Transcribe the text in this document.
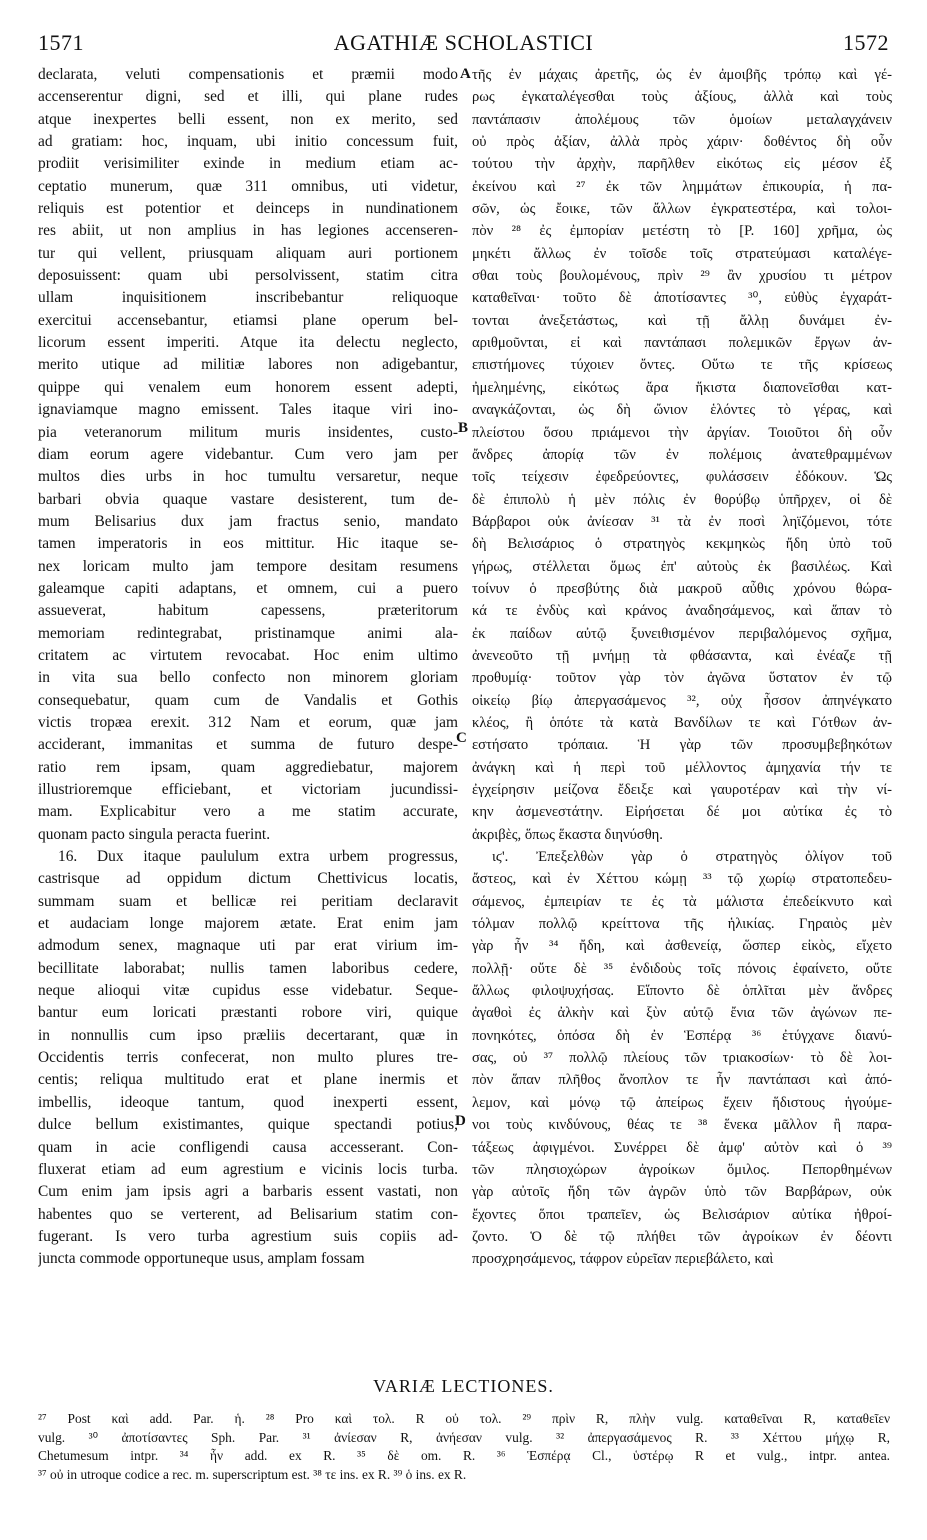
1571	AGATHIÆ SCHOLASTICI	1572
declarata, veluti compensationis et præmii modo
accenserentur digni, sed et illi, qui plane rudes
atque inexpertes belli essent, non ex merito, sed
ad gratiam: hoc, inquam, ubi initio concessum fuit,
prodiit verisimiliter exinde in medium etiam ac-
ceptatio munerum, quæ 311 omnibus, uti videtur,
reliquis est potentior et deinceps in nundinationem
res abiit, ut non amplius in has legiones accenseren-
tur qui vellent, priusquam aliquam auri portionem
deposuissent: quam ubi persolvissent, statim citra
ullam inquisitionem inscribebantur reliquoque
exercitui accensebantur, etiamsi plane operum bel-
licorum essent imperiti. Atque ita delectu neglecto,
merito utique ad militiæ labores non adigebantur,
quippe qui venalem eum honorem essent adepti,
ignaviamque magno emissent. Tales itaque viri ino-
pia veteranorum militum muris insidentes, custo-
diam eorum agere videbantur. Cum vero jam per
multos dies urbs in hoc tumultu versaretur, neque
barbari obvia quaque vastare desisterent, tum de-
mum Belisarius dux jam fractus senio, mandato
tamen imperatoris in eos mittitur. Hic itaque se-
nex loricam multo jam tempore desitam resumens
galeamque capiti adaptans, et omnem, cui a puero
assueverat, habitum capessens, præteritorum
memoriam redintegrabat, pristinamque animi ala-
critatem ac virtutem revocabat. Hoc enim ultimo
in vita sua bello confecto non minorem gloriam
consequebatur, quam cum de Vandalis et Gothis
victis tropæa erexit. 312 Nam et eorum, quæ jam
acciderant, immanitas et summa de futuro despe-
ratio rem ipsam, quam aggrediebatur, majorem
illustrioremque efficiebant, et victoriam jucundissi-
mam. Explicabitur vero a me statim accurate,
quonam pacto singula peracta fuerint.
16. Dux itaque paululum extra urbem progressus,
castrisque ad oppidum dictum Chettivicus locatis,
summam suam et bellicæ rei peritiam declaravit
et audaciam longe majorem ætate. Erat enim jam
admodum senex, magnaque uti par erat virium im-
becillitate laborabat; nullis tamen laboribus cedere,
neque alioqui vitæ cupidus esse videbatur. Seque-
bantur eum loricati præstanti robore viri, quique
in nonnullis cum ipso præliis decertarant, quæ in
Occidentis terris confecerat, non multo plures tre-
centis; reliqua multitudo erat et plane inermis et
imbellis, ideoque tantum, quod inexperti essent,
dulce bellum existimantes, quique spectandi potius,
quam in acie confligendi causa accesserant. Con-
fluxerat etiam ad eum agrestium e vicinis locis turba.
Cum enim jam ipsis agri a barbaris essent vastati, non
habentes quo se verterent, ad Belisarium statim con-
fugerant. Is vero turba agrestium suis copiis ad-
juncta commode opportuneque usus, amplam fossam
A
B
C
D
τῆς ἐν μάχαις ἀρετῆς, ὡς ἐν ἀμοιβῆς τρόπῳ καὶ γέ-
ρως ἐγκαταλέγεσθαι τοὺς ἀξίους, ἀλλὰ καὶ τοὺς
παντάπασιν ἀπολέμους τῶν ὁμοίων μεταλαγχάνειν
οὐ πρὸς ἀξίαν, ἀλλὰ πρὸς χάριν· δοθέντος δὴ οὖν
τούτου τὴν ἀρχὴν, παρῆλθεν εἰκότως εἰς μέσον ἐξ
ἐκείνου καὶ ²⁷ ἐκ τῶν λημμάτων ἐπικουρία, ἡ πα-
σῶν, ὡς ἔοικε, τῶν ἄλλων ἐγκρατεστέρα, καὶ τολοι-
πὸν ²⁸ ἐς ἐμπορίαν μετέστη τὸ [P. 160] χρῆμα, ὡς
μηκέτι ἄλλως ἐν τοῖσδε τοῖς στρατεύμασι καταλέγε-
σθαι τοὺς βουλομένους, πρὶν ²⁹ ἂν χρυσίου τι μέτρον
καταθεῖναι· τοῦτο δὲ ἀποτίσαντες ³⁰, εὐθὺς ἐγχαράτ-
τονται ἀνεξετάστως, καὶ τῇ ἄλλῃ δυνάμει ἐν-
αριθμοῦνται, εἰ καὶ παντάπασι πολεμικῶν ἔργων ἀν-
επιστήμονες τύχοιεν ὄντες. Οὕτω τε τῆς κρίσεως
ἠμελημένης, εἰκότως ἄρα ἥκιστα διαπονεῖσθαι κατ-
αναγκάζονται, ὡς δὴ ὤνιον ἑλόντες τὸ γέρας, καὶ
πλείστου ὅσου πριάμενοι τὴν ἀργίαν. Τοιοῦτοι δὴ οὖν
ἄνδρες ἀπορίᾳ τῶν ἐν πολέμοις ἀνατεθραμμένων
τοῖς τείχεσιν ἐφεδρεύοντες, φυλάσσειν ἐδόκουν. Ὡς
δὲ ἐπιπολὺ ἡ μὲν πόλις ἐν θορύβῳ ὑπῆρχεν, οἱ δὲ
Βάρβαροι οὐκ ἀνίεσαν ³¹ τὰ ἐν ποσὶ ληϊζόμενοι, τότε
δὴ Βελισάριος ὁ στρατηγὸς κεκμηκὼς ἤδη ὑπὸ τοῦ
γήρως, στέλλεται ὅμως ἐπ' αὐτοὺς ἐκ βασιλέως. Καὶ
τοίνυν ὁ πρεσβύτης διὰ μακροῦ αὖθις χρόνου θώρα-
κά τε ἐνδὺς καὶ κράνος ἀναδησάμενος, καὶ ἅπαν τὸ
ἐκ παίδων αὐτῷ ξυνειθισμένον περιβαλόμενος σχῆμα,
ἀνενεοῦτο τῇ μνήμῃ τὰ φθάσαντα, καὶ ἐνέαζε τῇ
προθυμίᾳ· τοῦτον γὰρ τὸν ἀγῶνα ὕστατον ἐν τῷ
οἰκείῳ βίῳ ἀπεργασάμενος ³², οὐχ ἧσσον ἀπηνέγκατο
κλέος, ἢ ὁπότε τὰ κατὰ Βανδίλων τε καὶ Γότθων ἀν-
εστήσατο τρόπαια. Ἡ γὰρ τῶν προσυμβεβηκότων
ἀνάγκη καὶ ἡ περὶ τοῦ μέλλοντος ἀμηχανία τήν τε
ἐγχείρησιν μείζονα ἔδειξε καὶ γαυροτέραν καὶ τὴν νί-
κην ἀσμενεστάτην. Εἰρήσεται δέ μοι αὐτίκα ἐς τὸ
ἀκριβὲς, ὅπως ἕκαστα διηνύσθη.
ιϛ'. Ἐπεξελθὼν γὰρ ὁ στρατηγὸς ὀλίγον τοῦ
ἄστεος, καὶ ἐν Χέττου κώμῃ ³³ τῷ χωρίῳ στρατοπεδευ-
σάμενος, ἐμπειρίαν τε ἐς τὰ μάλιστα ἐπεδείκνυτο καὶ
τόλμαν πολλῷ κρείττονα τῆς ἡλικίας. Γηραιὸς μὲν
γὰρ ἦν ³⁴ ἤδη, καὶ ἀσθενείᾳ, ὥσπερ εἰκὸς, εἴχετο
πολλῇ· οὔτε δὲ ³⁵ ἐνδιδοὺς τοῖς πόνοις ἐφαίνετο, οὔτε
ἄλλως φιλοψυχήσας. Εἵποντο δὲ ὁπλῖται μὲν ἄνδρες
ἀγαθοὶ ἐς ἀλκὴν καὶ ξὺν αὐτῷ ἔνια τῶν ἀγώνων πε-
πονηκότες, ὁπόσα δὴ ἐν Ἑσπέρᾳ ³⁶ ἐτύγχανε διανύ-
σας, οὐ ³⁷ πολλῷ πλείους τῶν τριακοσίων· τὸ δὲ λοι-
πὸν ἅπαν πλῆθος ἄνοπλον τε ἦν παντάπασι καὶ ἀπό-
λεμον, καὶ μόνῳ τῷ ἀπείρως ἔχειν ἥδιστους ἡγούμε-
νοι τοὺς κινδύνους, θέας τε ³⁸ ἕνεκα μᾶλλον ἢ παρα-
τάξεως ἀφιγμένοι. Συνέρρει δὲ ἀμφ' αὐτὸν καὶ ὁ ³⁹
τῶν πλησιοχώρων ἀγροίκων ὅμιλος. Πεπορθημένων
γὰρ αὐτοῖς ἤδη τῶν ἀγρῶν ὑπὸ τῶν Βαρβάρων, οὐκ
ἔχοντες ὅποι τραπεῖεν, ὡς Βελισάριον αὐτίκα ἠθροί-
ζοντο. Ὁ δὲ τῷ πλήθει τῶν ἀγροίκων ἐν δέοντι
προσχρησάμενος, τάφρον εὐρεῖαν περιεβάλετο, καὶ
VARIÆ LECTIONES.
²⁷ Post καὶ add. Par. ἡ. ²⁸ Pro καὶ τολ. R οὐ τολ. ²⁹ πρὶν R, πλὴν vulg. καταθεῖναι R, καταθεῖεν
vulg. ³⁰ ἀποτίσαντες Sph. Par. ³¹ ἀνίεσαν R, ἀνήεσαν vulg. ³² ἀπεργασάμενος R. ³³ Χέττου μήχῳ R,
Chetumesum intpr. ³⁴ ἦν add. ex R. ³⁵ δὲ om. R. ³⁶ Ἑσπέρᾳ Cl., ὑστέρῳ R et vulg., intpr. antea.
³⁷ οὐ in utroque codice a rec. m. superscriptum est. ³⁸ τε ins. ex R. ³⁹ ὁ ins. ex R.
